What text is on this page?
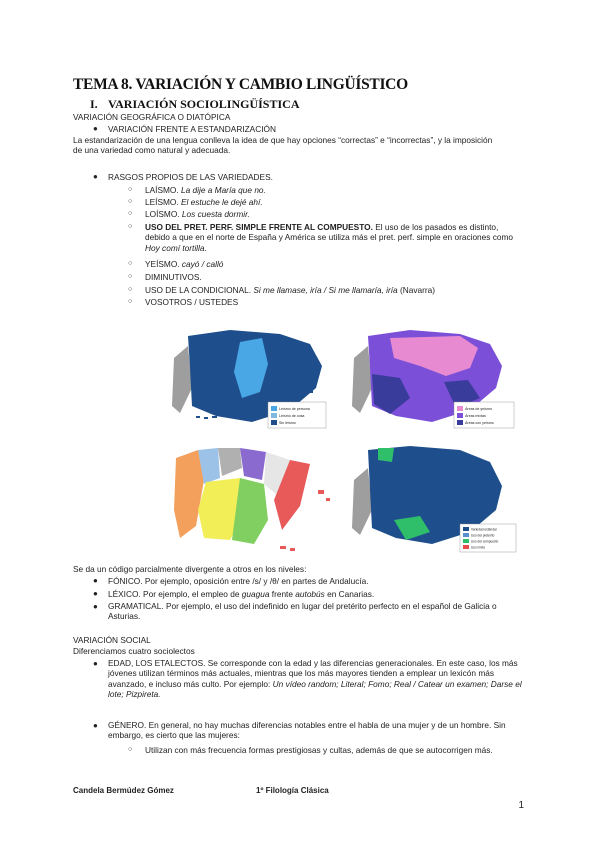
TEMA 8. VARIACIÓN Y CAMBIO LINGÜÍSTICO
I. VARIACIÓN SOCIOLINGÜÍSTICA
VARIACIÓN GEOGRÁFICA O DIATÓPICA
● VARIACIÓN FRENTE A ESTANDARIZACIÓN
La estandarización de una lengua conlleva la idea de que hay opciones “correctas” e “incorrectas”, y la imposición de una variedad como natural y adecuada.
● RASGOS PROPIOS DE LAS VARIEDADES.
○ LAÍSMO. La dije a María que no.
○ LEÍSMO. El estuche le dejé ahí.
○ LOÍSMO. Los cuesta dormir.
○ USO DEL PRET. PERF. SIMPLE FRENTE AL COMPUESTO. El uso de los pasados es distinto, debido a que en el norte de España y América se utiliza más el pret. perf. simple en oraciones como Hoy comí tortilla.
○ YEÍSMO. cayó / calló
○ DIMINUTIVOS.
○ USO DE LA CONDICIONAL. Si me llamase, iría / Si me llamaría, iría (Navarra)
○ VOSOTROS / USTEDES
Leísmo de persona
Leísmo de cosa
Sin leísmo
Áreas de yeísmo
Áreas mixtas
Áreas con yeísmo
Variedad estándar
Uso del pretérito
Uso del compuesto
Uso mixto
Se da un código parcialmente divergente a otros en los niveles:
● FÓNICO. Por ejemplo, oposición entre /s/ y /θ/ en partes de Andalucía.
● LÉXICO. Por ejemplo, el empleo de guagua frente autobús en Canarias.
● GRAMATICAL. Por ejemplo, el uso del indefinido en lugar del pretérito perfecto en el español de Galicia o Asturias.
VARIACIÓN SOCIAL
Diferenciamos cuatro sociolectos
● EDAD, LOS ETALECTOS. Se corresponde con la edad y las diferencias generacionales. En este caso, los más jóvenes utilizan términos más actuales, mientras que los más mayores tienden a emplear un lexicón más avanzado, e incluso más culto. Por ejemplo: Un vídeo random; Literal; Fomo; Real / Catear un examen; Darse el lote; Pizpireta.
● GÉNERO. En general, no hay muchas diferencias notables entre el habla de una mujer y de un hombre. Sin embargo, es cierto que las mujeres:
○ Utilizan con más frecuencia formas prestigiosas y cultas, además de que se autocorrigen más.
Candela Bermúdez Gómez	1º Filología Clásica
1
